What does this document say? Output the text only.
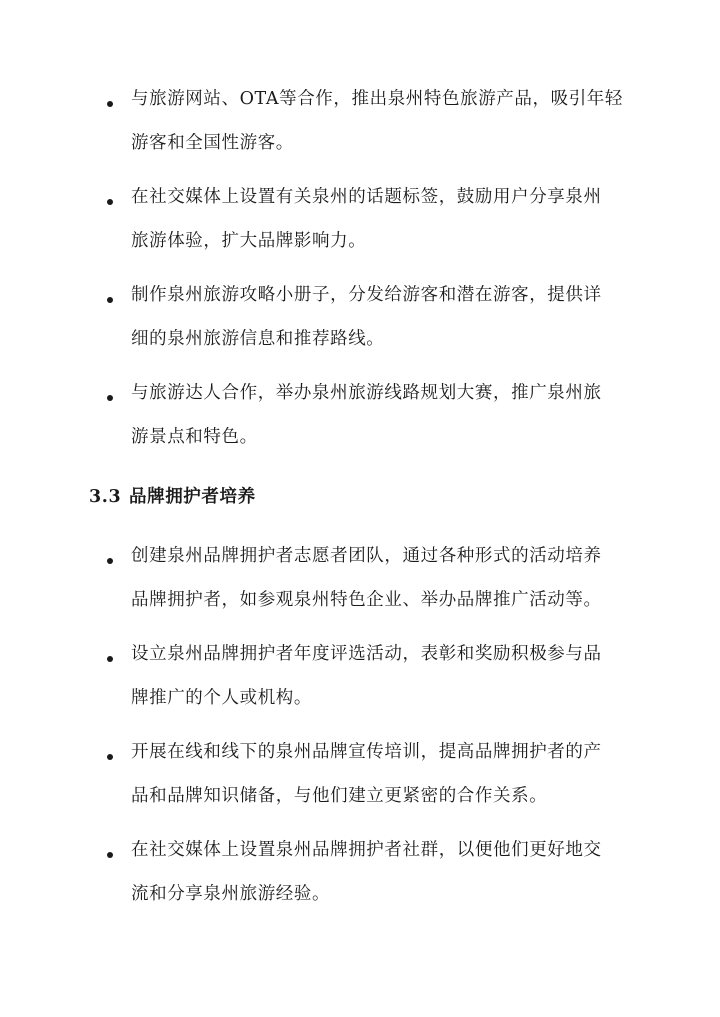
与旅游网站、OTA等合作，推出泉州特色旅游产品，吸引年轻
游客和全国性游客。
在社交媒体上设置有关泉州的话题标签，鼓励用户分享泉州
旅游体验，扩大品牌影响力。
制作泉州旅游攻略小册子，分发给游客和潜在游客，提供详
细的泉州旅游信息和推荐路线。
与旅游达人合作，举办泉州旅游线路规划大赛，推广泉州旅
游景点和特色。
3.3 品牌拥护者培养
创建泉州品牌拥护者志愿者团队，通过各种形式的活动培养
品牌拥护者，如参观泉州特色企业、举办品牌推广活动等。
设立泉州品牌拥护者年度评选活动，表彰和奖励积极参与品
牌推广的个人或机构。
开展在线和线下的泉州品牌宣传培训，提高品牌拥护者的产
品和品牌知识储备，与他们建立更紧密的合作关系。
在社交媒体上设置泉州品牌拥护者社群，以便他们更好地交
流和分享泉州旅游经验。
